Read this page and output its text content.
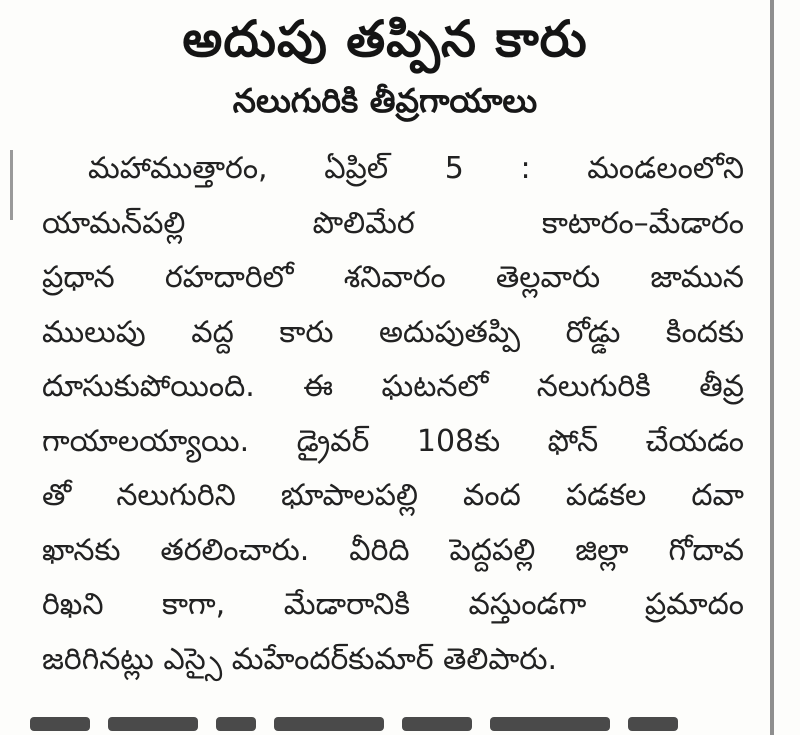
అదుపు తప్పిన కారు
నలుగురికి తీవ్రగాయాలు
మహాముత్తారం, ఏప్రిల్ 5 : మండలంలోని
యామన్‌పల్లి పొలిమేర కాటారం–మేడారం
ప్రధాన రహదారిలో శనివారం తెల్లవారు జామున
ములుపు వద్ద కారు అదుపుతప్పి రోడ్డు కిందకు
దూసుకుపోయింది. ఈ ఘటనలో నలుగురికి తీవ్ర
గాయాలయ్యాయి. డ్రైవర్ 108కు ఫోన్ చేయడం
తో నలుగురిని భూపాలపల్లి వంద పడకల దవా
ఖానకు తరలించారు. వీరిది పెద్దపల్లి జిల్లా గోదావ
రిఖని కాగా, మేడారానికి వస్తుండగా ప్రమాదం
జరిగినట్లు ఎస్సై మహేందర్‌కుమార్ తెలిపారు.
